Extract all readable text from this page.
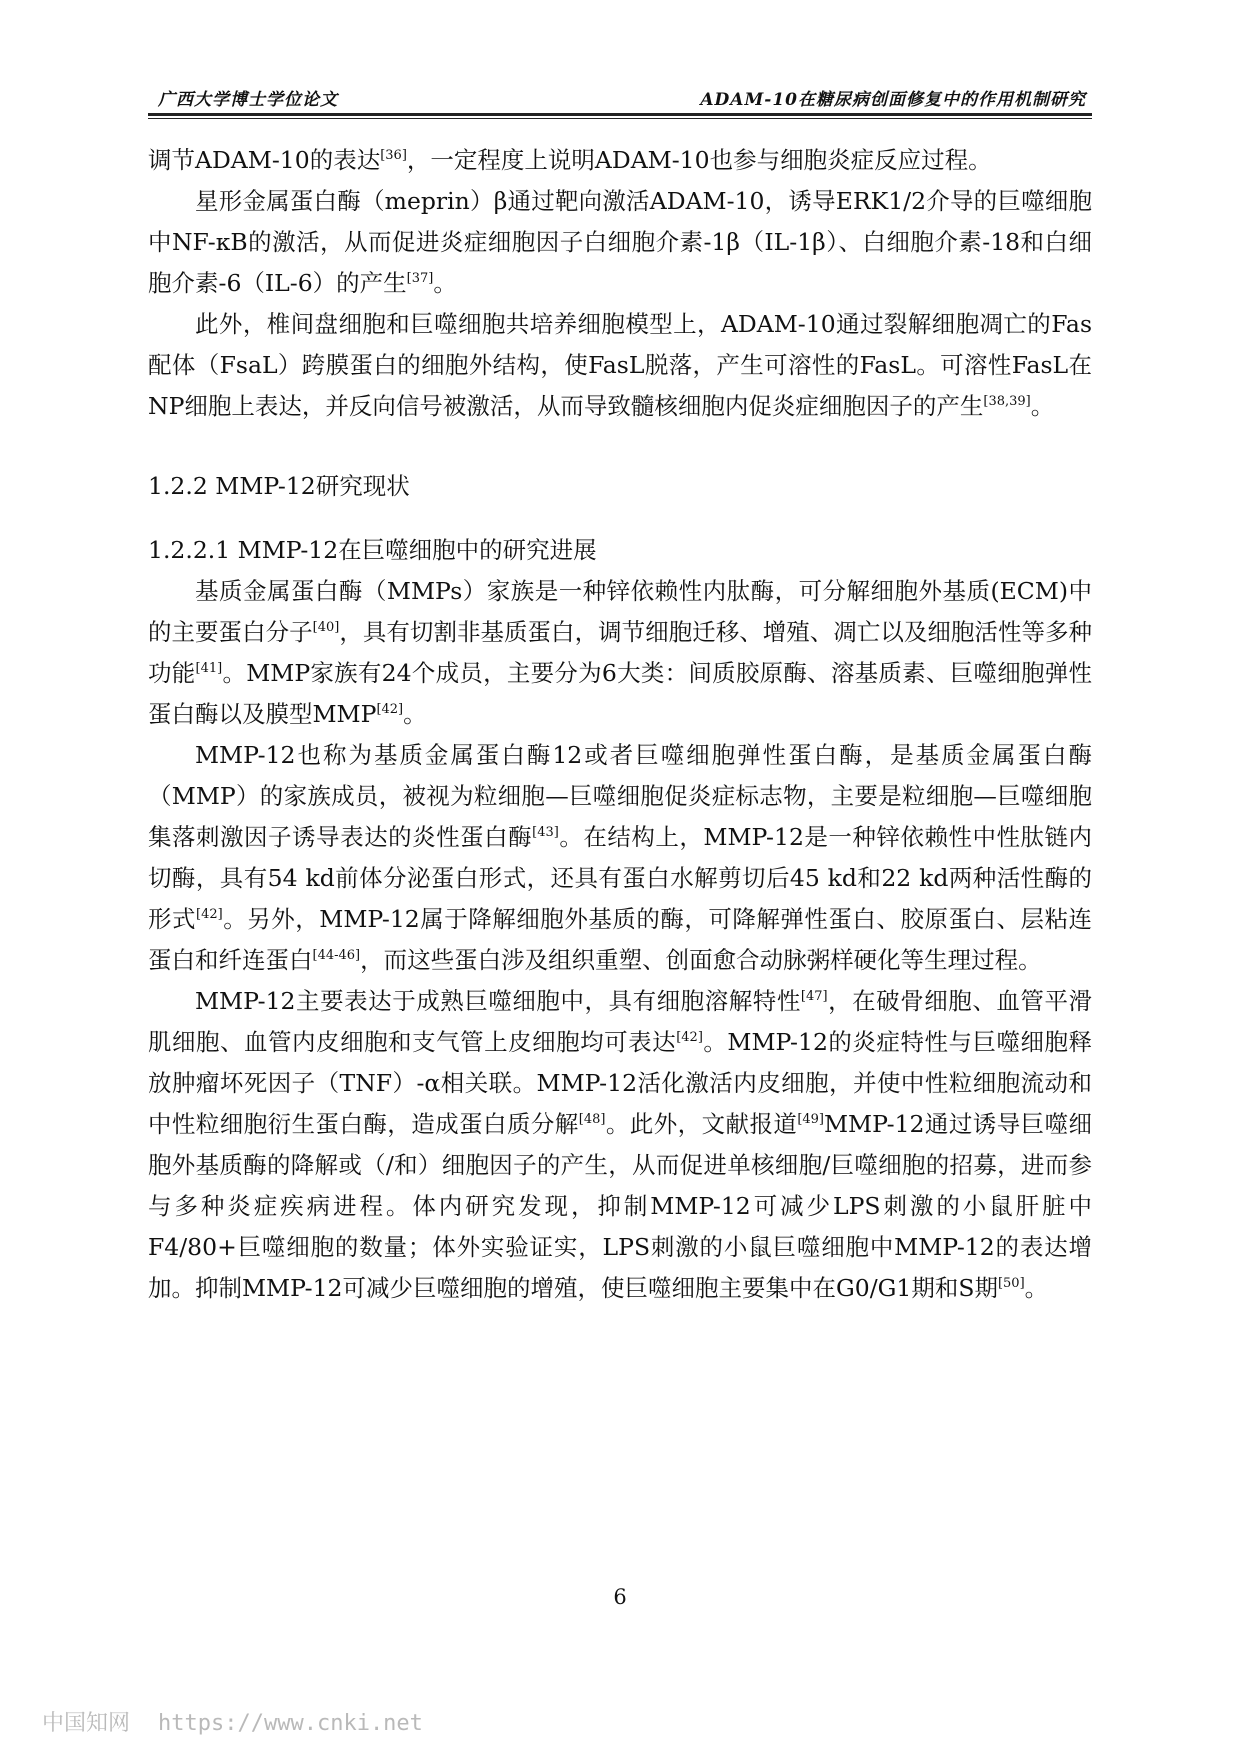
广西大学博士学位论文	ADAM-10在糖尿病创面修复中的作用机制研究

调节ADAM-10的表达[36]，一定程度上说明ADAM-10也参与细胞炎症反应过程。

星形金属蛋白酶（meprin）β通过靶向激活ADAM-10，诱导ERK1/2介导的巨噬细胞中NF-κB的激活，从而促进炎症细胞因子白细胞介素-1β（IL-1β）、白细胞介素-18和白细胞介素-6（IL-6）的产生[37]。

此外，椎间盘细胞和巨噬细胞共培养细胞模型上，ADAM-10通过裂解细胞凋亡的Fas配体（FsaL）跨膜蛋白的细胞外结构，使FasL脱落，产生可溶性的FasL。可溶性FasL在NP细胞上表达，并反向信号被激活，从而导致髓核细胞内促炎症细胞因子的产生[38,39]。

1.2.2 MMP-12研究现状
1.2.2.1 MMP-12在巨噬细胞中的研究进展

基质金属蛋白酶（MMPs）家族是一种锌依赖性内肽酶，可分解细胞外基质(ECM)中的主要蛋白分子[40]，具有切割非基质蛋白，调节细胞迁移、增殖、凋亡以及细胞活性等多种功能[41]。MMP家族有24个成员，主要分为6大类：间质胶原酶、溶基质素、巨噬细胞弹性蛋白酶以及膜型MMP[42]。

MMP-12也称为基质金属蛋白酶12或者巨噬细胞弹性蛋白酶，是基质金属蛋白酶（MMP）的家族成员，被视为粒细胞—巨噬细胞促炎症标志物，主要是粒细胞—巨噬细胞集落刺激因子诱导表达的炎性蛋白酶[43]。在结构上，MMP-12是一种锌依赖性中性肽链内切酶，具有54 kd前体分泌蛋白形式，还具有蛋白水解剪切后45 kd和22 kd两种活性酶的形式[42]。另外，MMP-12属于降解细胞外基质的酶，可降解弹性蛋白、胶原蛋白、层粘连蛋白和纤连蛋白[44-46]，而这些蛋白涉及组织重塑、创面愈合动脉粥样硬化等生理过程。

MMP-12主要表达于成熟巨噬细胞中，具有细胞溶解特性[47]，在破骨细胞、血管平滑肌细胞、血管内皮细胞和支气管上皮细胞均可表达[42]。MMP-12的炎症特性与巨噬细胞释放肿瘤坏死因子（TNF）-α相关联。MMP-12活化激活内皮细胞，并使中性粒细胞流动和中性粒细胞衍生蛋白酶，造成蛋白质分解[48]。此外，文献报道[49]MMP-12通过诱导巨噬细胞外基质酶的降解或（/和）细胞因子的产生，从而促进单核细胞/巨噬细胞的招募，进而参与多种炎症疾病进程。体内研究发现，抑制MMP-12可减少LPS刺激的小鼠肝脏中F4/80+巨噬细胞的数量；体外实验证实，LPS刺激的小鼠巨噬细胞中MMP-12的表达增加。抑制MMP-12可减少巨噬细胞的增殖，使巨噬细胞主要集中在G0/G1期和S期[50]。

6
中国知网 https://www.cnki.net
